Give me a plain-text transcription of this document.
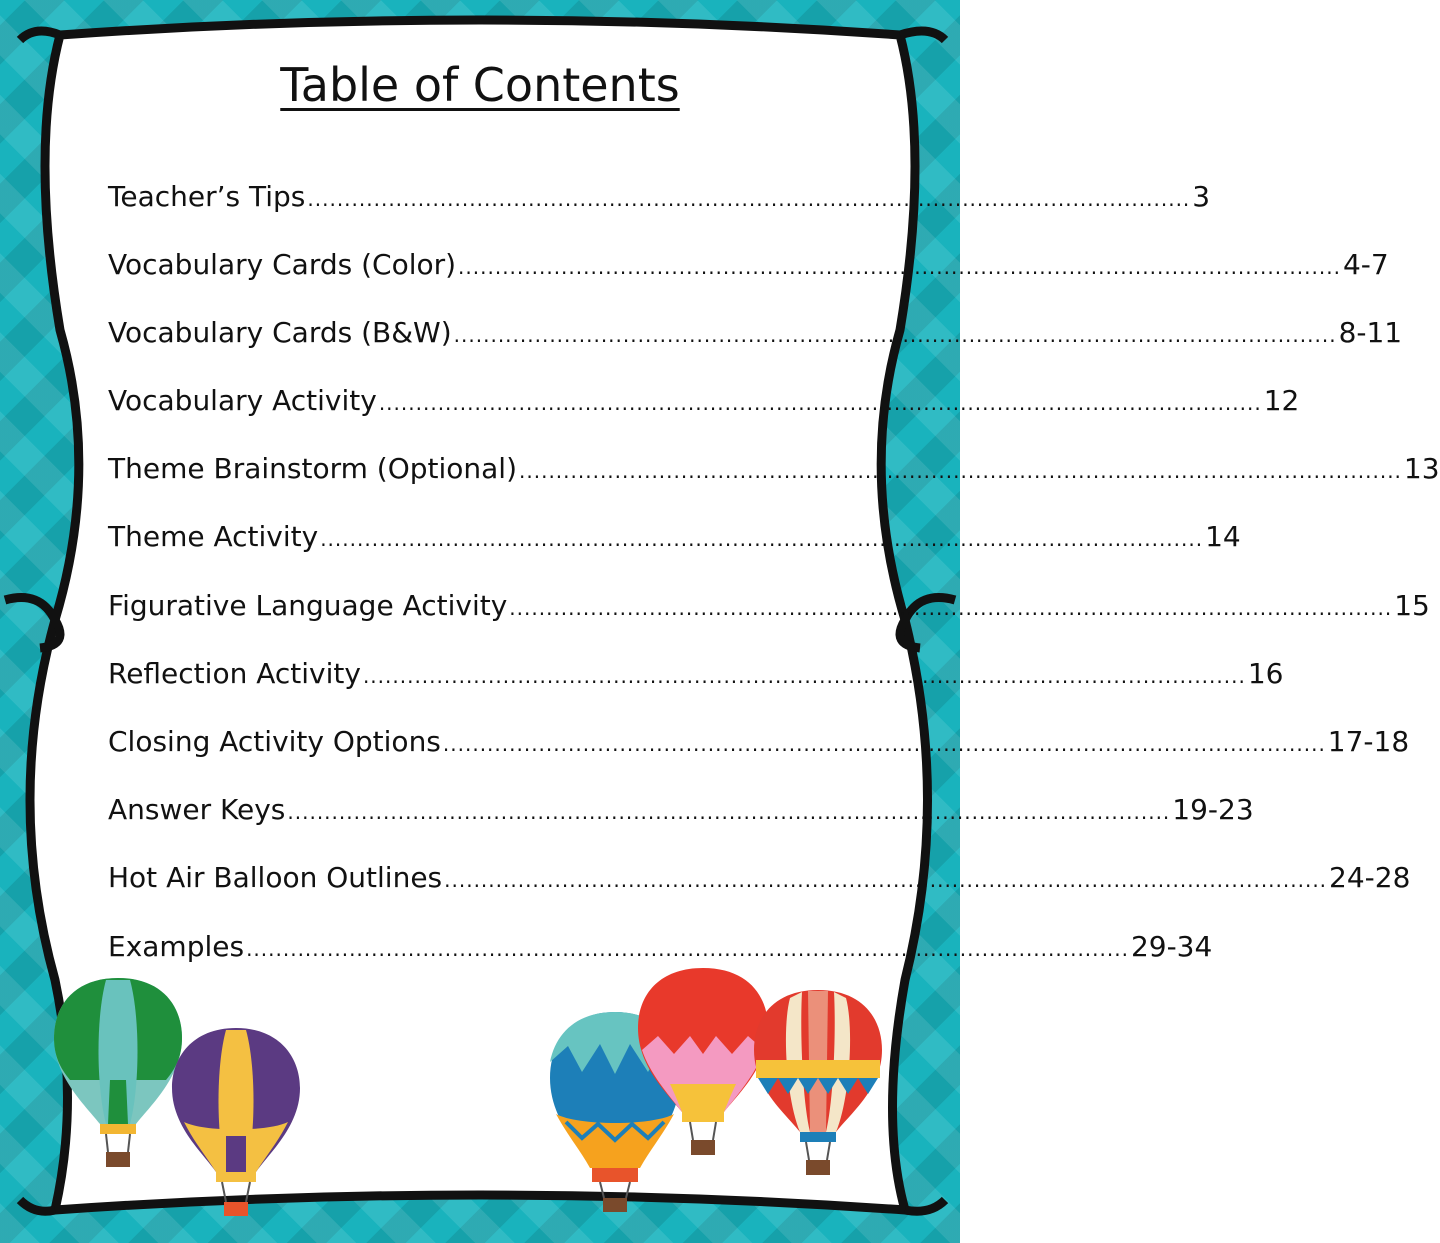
Table of Contents
Teacher’s Tips ........................................................................................................................ 3
Vocabulary Cards (Color) ........................................................................................................................ 4-7
Vocabulary Cards (B&W) ........................................................................................................................ 8-11
Vocabulary Activity ........................................................................................................................ 12
Theme Brainstorm (Optional) ........................................................................................................................ 13
Theme Activity ........................................................................................................................ 14
Figurative Language Activity ........................................................................................................................ 15
Reflection Activity ........................................................................................................................ 16
Closing Activity Options ........................................................................................................................ 17-18
Answer Keys ........................................................................................................................ 19-23
Hot Air Balloon Outlines ........................................................................................................................ 24-28
Examples ........................................................................................................................ 29-34
